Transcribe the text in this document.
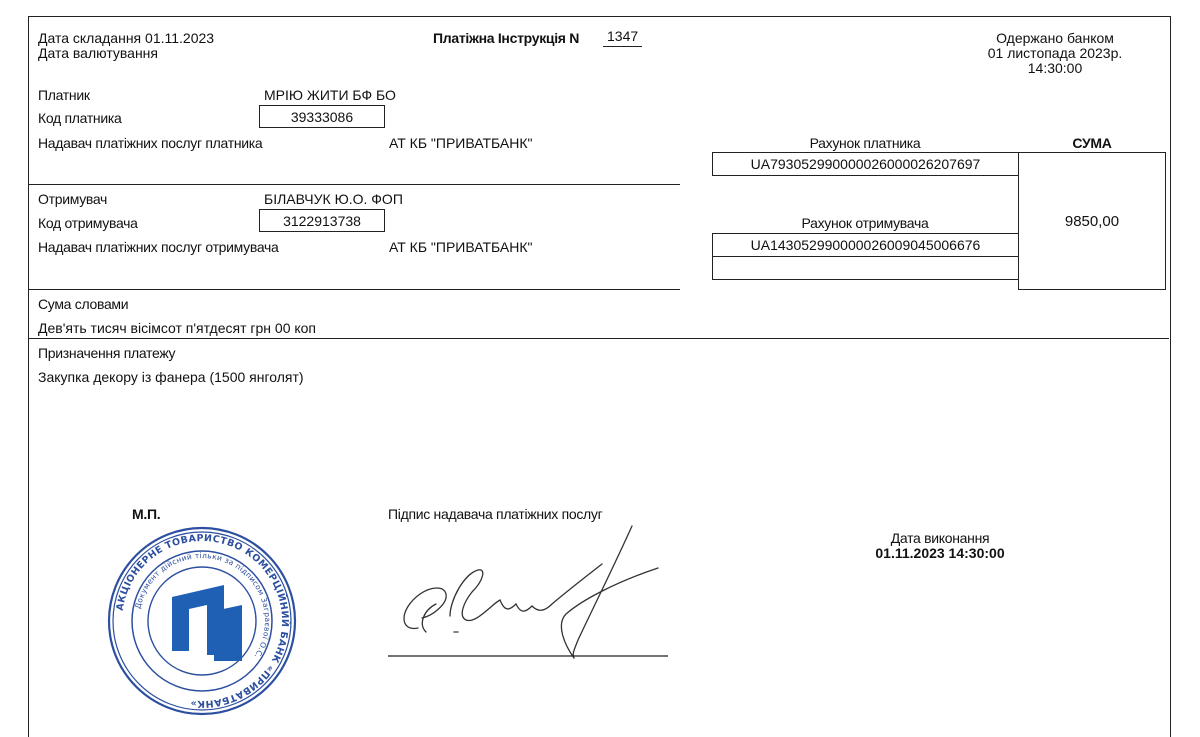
Дата складання 01.11.2023
Дата валютування
Платіжна Інструкція N 1347	Одержано банком
01 листопада 2023р.
14:30:00
Платник	МРІЮ ЖИТИ БФ БО
Код платника	39333086
Надавач платіжних послуг платника	АТ КБ "ПРИВАТБАНК"	Рахунок платника
UA793052990000026000026207697
СУМА
9850,00
Отримувач	БІЛАВЧУК Ю.О. ФОП
Код отримувача	3122913738
Надавач платіжних послуг отримувача	АТ КБ "ПРИВАТБАНК"
Рахунок отримувача
UA143052990000026009045006676
Сума словами
Дев'ять тисяч вісімсот п'ятдесят грн 00 коп
Призначення платежу
Закупка декору із фанера (1500 янголят)
М.П.	Підпис надавача платіжних послуг
Дата виконання
01.11.2023 14:30:00
АКЦІОНЕРНЕ ТОВАРИСТВО КОМЕРЦІЙНИЙ БАНК «ПРИВАТБАНК»
Документ дійсний тільки за підписом Заграєвої О.С.
